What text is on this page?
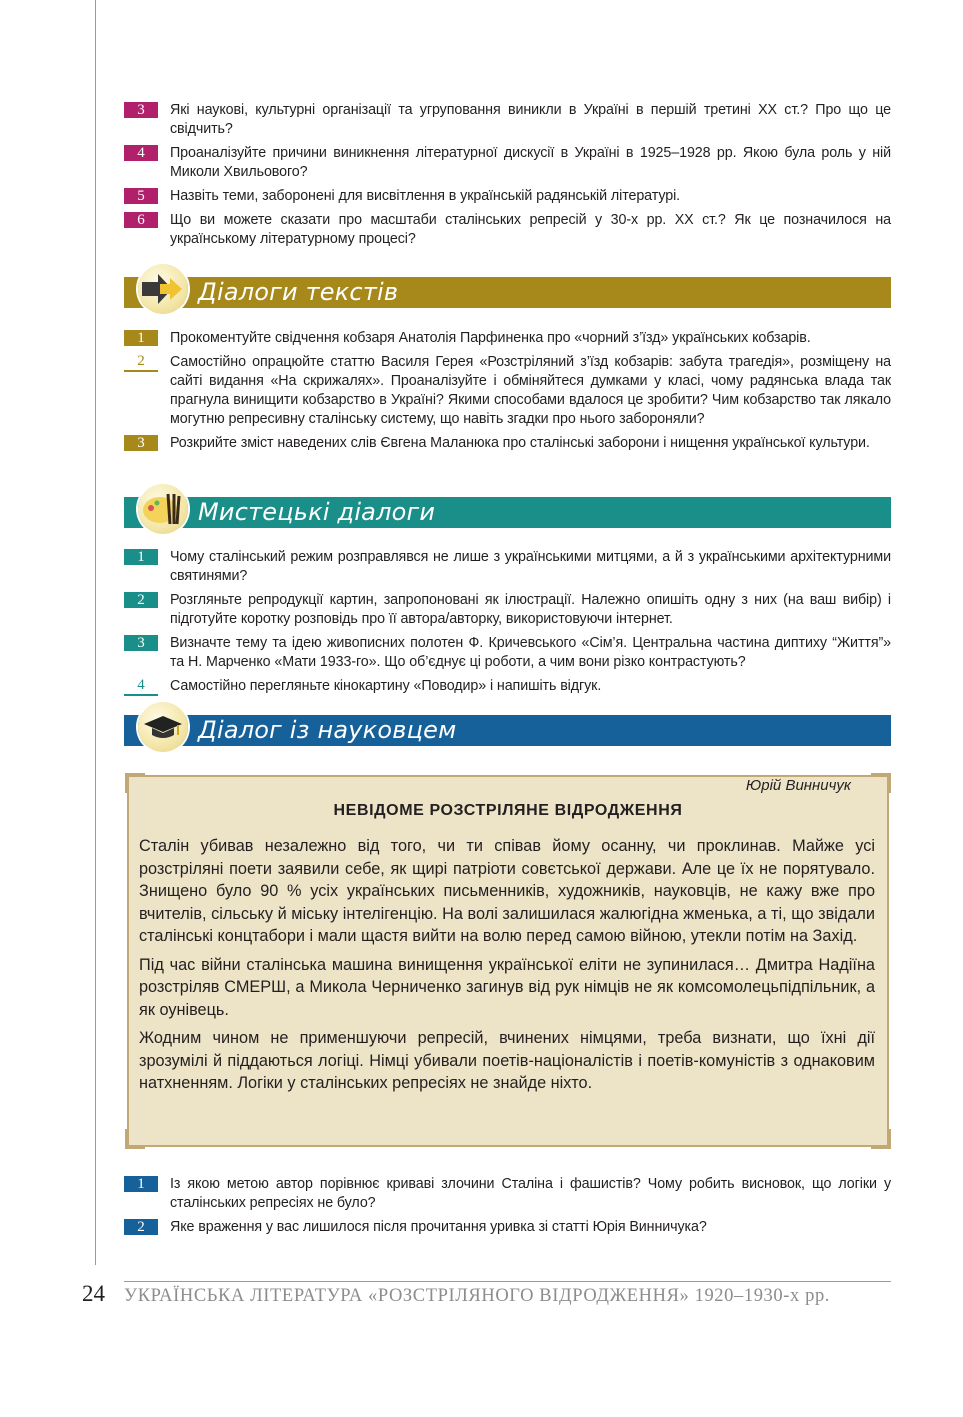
3	Які наукові, культурні організації та угруповання виникли в Україні в першій третині ХХ ст.? Про що це свідчить?
4	Проаналізуйте причини виникнення літературної дискусії в Україні в 1925–1928 рр. Якою була роль у ній Миколи Хвильового?
5	Назвіть теми, заборонені для висвітлення в українській радянській літературі.
6	Що ви можете сказати про масштаби сталінських репресій у 30-х рр. ХХ ст.? Як це позначилося на українському літературному процесі?
Діалоги текстів
1	Прокоментуйте свідчення кобзаря Анатолія Парфиненка про «чорний з’їзд» українських кобзарів.
2	Самостійно опрацюйте статтю Василя Герея «Розстріляний з’їзд кобзарів: забута трагедія», розміщену на сайті видання «На скрижалях». Проаналізуйте і обміняйтеся думками у класі, чому радянська влада так прагнула винищити кобзарство в Україні? Якими способами вдалося це зробити? Чим кобзарство так лякало могутню репресивну сталінську систему, що навіть згадки про нього забороняли?
3	Розкрийте зміст наведених слів Євгена Маланюка про сталінські заборони і нищення української культури.
Мистецькі діалоги
1	Чому сталінський режим розправлявся не лише з українськими митцями, а й з українськими архітектурними святинями?
2	Розгляньте репродукції картин, запропоновані як ілюстрації. Належно опишіть одну з них (на ваш вибір) і підготуйте коротку розповідь про її автора/авторку, використовуючи інтернет.
3	Визначте тему та ідею живописних полотен Ф. Кричевського «Сім’я. Центральна частина диптиху “Життя”» та Н. Марченко «Мати 1933-го». Що об’єднує ці роботи, а чим вони різко контрастують?
4	Самостійно перегляньте кінокартину «Поводир» і напишіть відгук.
Діалог із науковцем
Юрій Винничук
НЕВІДОМЕ РОЗСТРІЛЯНЕ ВІДРОДЖЕННЯ

Сталін убивав незалежно від того, чи ти співав йому осанну, чи проклинав. Майже усі розстріляні поети заявили себе, як щирі патріоти совєтської держави. Але це їх не порятувало. Знищено було 90 % усіх українських письменників, художників, науковців, не кажу вже про вчителів, сільську й міську інтелігенцію. На волі залишилася жалюгідна жменька, а ті, що звідали сталінські концтабори і мали щастя вийти на волю перед самою війною, утекли потім на Захід.

Під час війни сталінська машина винищення української еліти не зупинилася… Дмитра Надіїна розстріляв СМЕРШ, а Микола Черниченко загинув від рук німців не як комсомолецьпідпільник, а як оунівець.

Жодним чином не применшуючи репресій, вчинених німцями, треба визнати, що їхні дії зрозумілі й піддаються логіці. Німці убивали поетів-націоналістів і поетів-комуністів з однаковим натхненням. Логіки у сталінських репресіях не знайде ніхто.

1	Із якою метою автор порівнює криваві злочини Сталіна і фашистів? Чому робить висновок, що логіки у сталінських репресіях не було?
2	Яке враження у вас лишилося після прочитання уривка зі статті Юрія Винничука?
24 УКРАЇНСЬКА ЛІТЕРАТУРА «РОЗСТРІЛЯНОГО ВІДРОДЖЕННЯ» 1920–1930-х рр.
